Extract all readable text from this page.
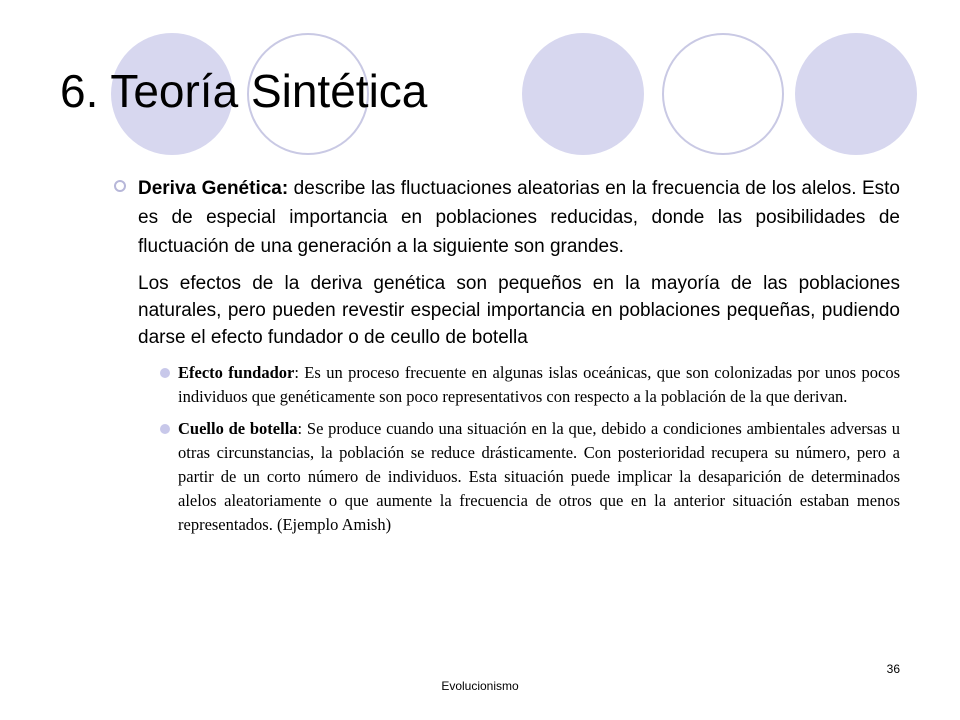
6. Teoría Sintética
Deriva Genética: describe las fluctuaciones aleatorias en la frecuencia de los alelos. Esto es de especial importancia en poblaciones reducidas, donde las posibilidades de fluctuación de una generación a la siguiente son grandes.
Los efectos de la deriva genética son pequeños en la mayoría de las poblaciones naturales, pero pueden revestir especial importancia en poblaciones pequeñas, pudiendo darse el efecto fundador o de ceullo de botella
Efecto fundador: Es un proceso frecuente en algunas islas oceánicas, que son colonizadas por unos pocos individuos que genéticamente son poco representativos con respecto a la población de la que derivan.
Cuello de botella: Se produce cuando una situación en la que, debido a condiciones ambientales adversas u otras circunstancias, la población se reduce drásticamente. Con posterioridad recupera su número, pero a partir de un corto número de individuos. Esta situación puede implicar la desaparición de determinados alelos aleatoriamente o que aumente la frecuencia de otros que en la anterior situación estaban menos representados. (Ejemplo Amish)
36
Evolucionismo
